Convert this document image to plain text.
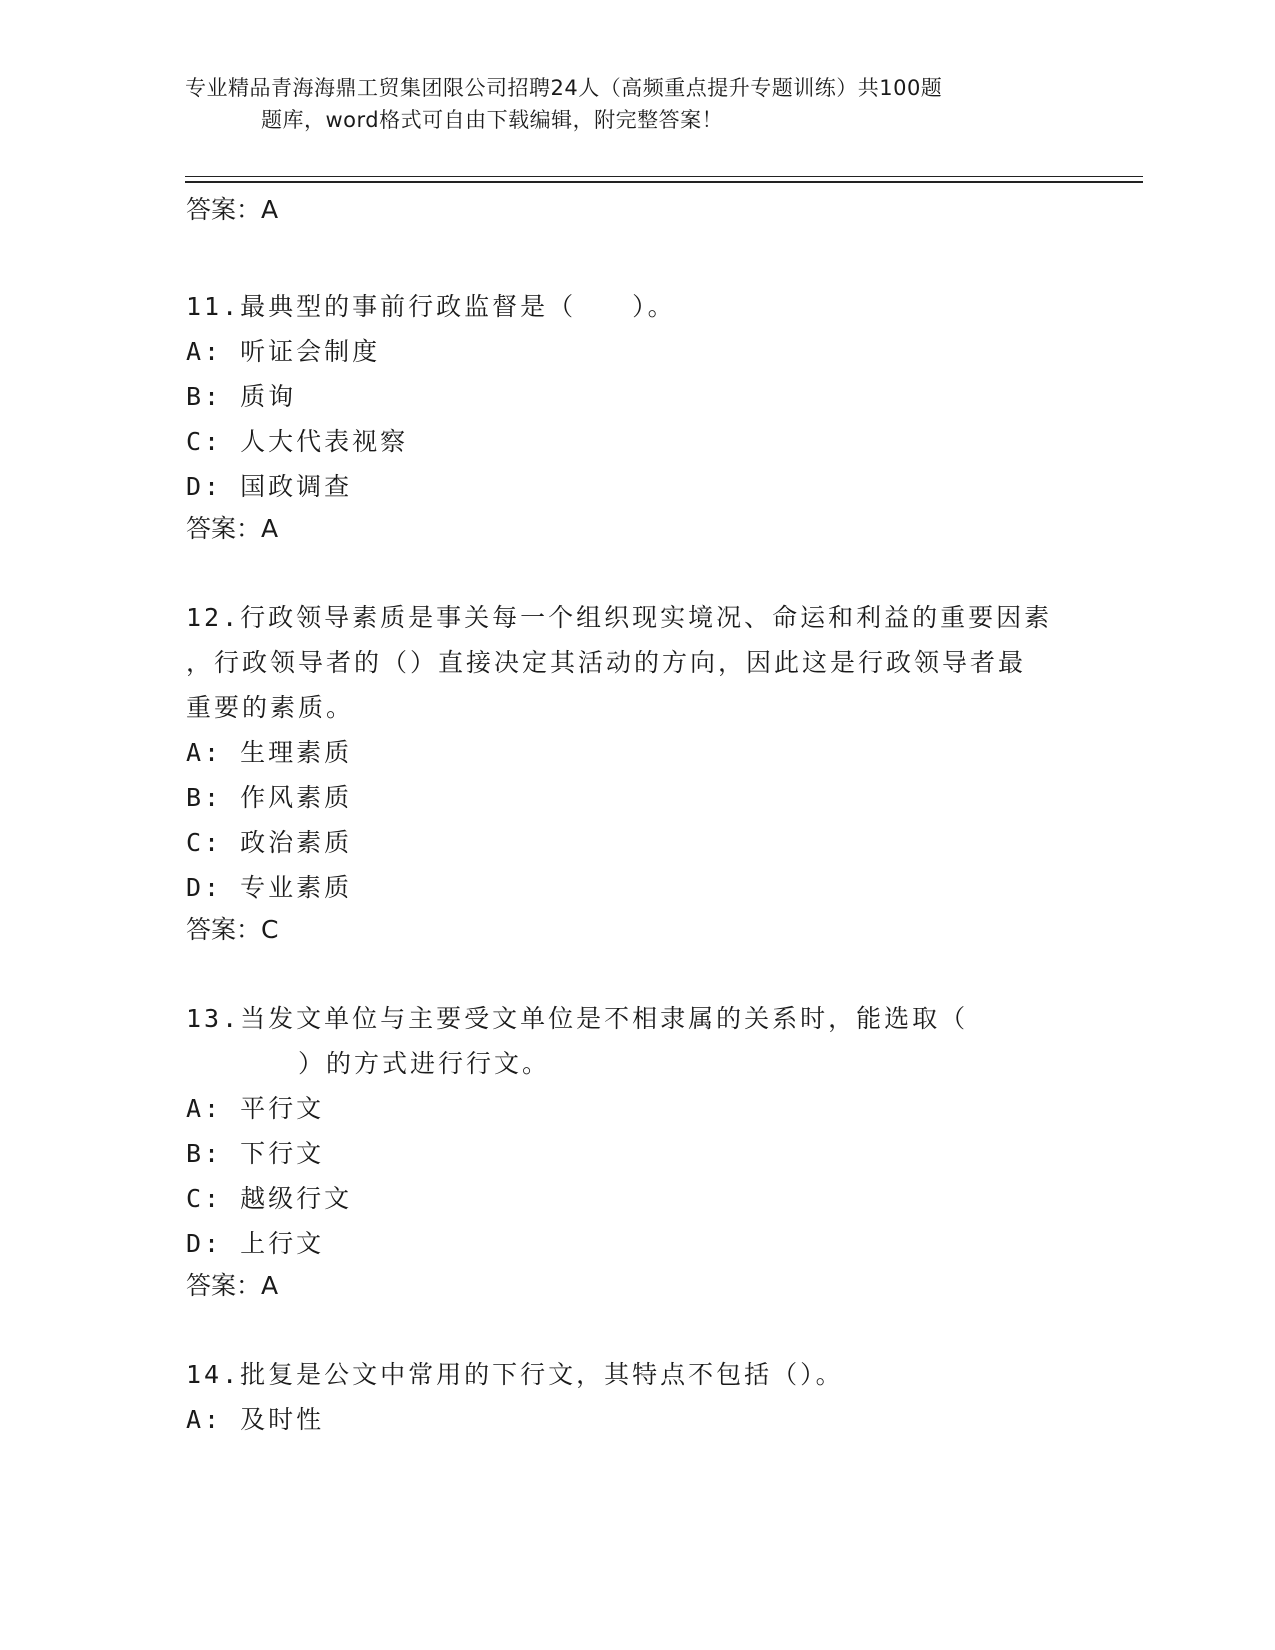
专业精品青海海鼎工贸集团限公司招聘24人（高频重点提升专题训练）共100题
题库，word格式可自由下载编辑，附完整答案！

答案：A

11.最典型的事前行政监督是（　　）。

A: 听证会制度

B: 质询

C: 人大代表视察

D: 国政调查

答案：A

12.行政领导素质是事关每一个组织现实境况、命运和利益的重要因素

，行政领导者的（）直接决定其活动的方向，因此这是行政领导者最

重要的素质。

A: 生理素质

B: 作风素质

C: 政治素质

D: 专业素质

答案：C

13.当发文单位与主要受文单位是不相隶属的关系时，能选取（

　　　　）的方式进行行文。

A: 平行文

B: 下行文

C: 越级行文

D: 上行文

答案：A

14.批复是公文中常用的下行文，其特点不包括（）。

A: 及时性
